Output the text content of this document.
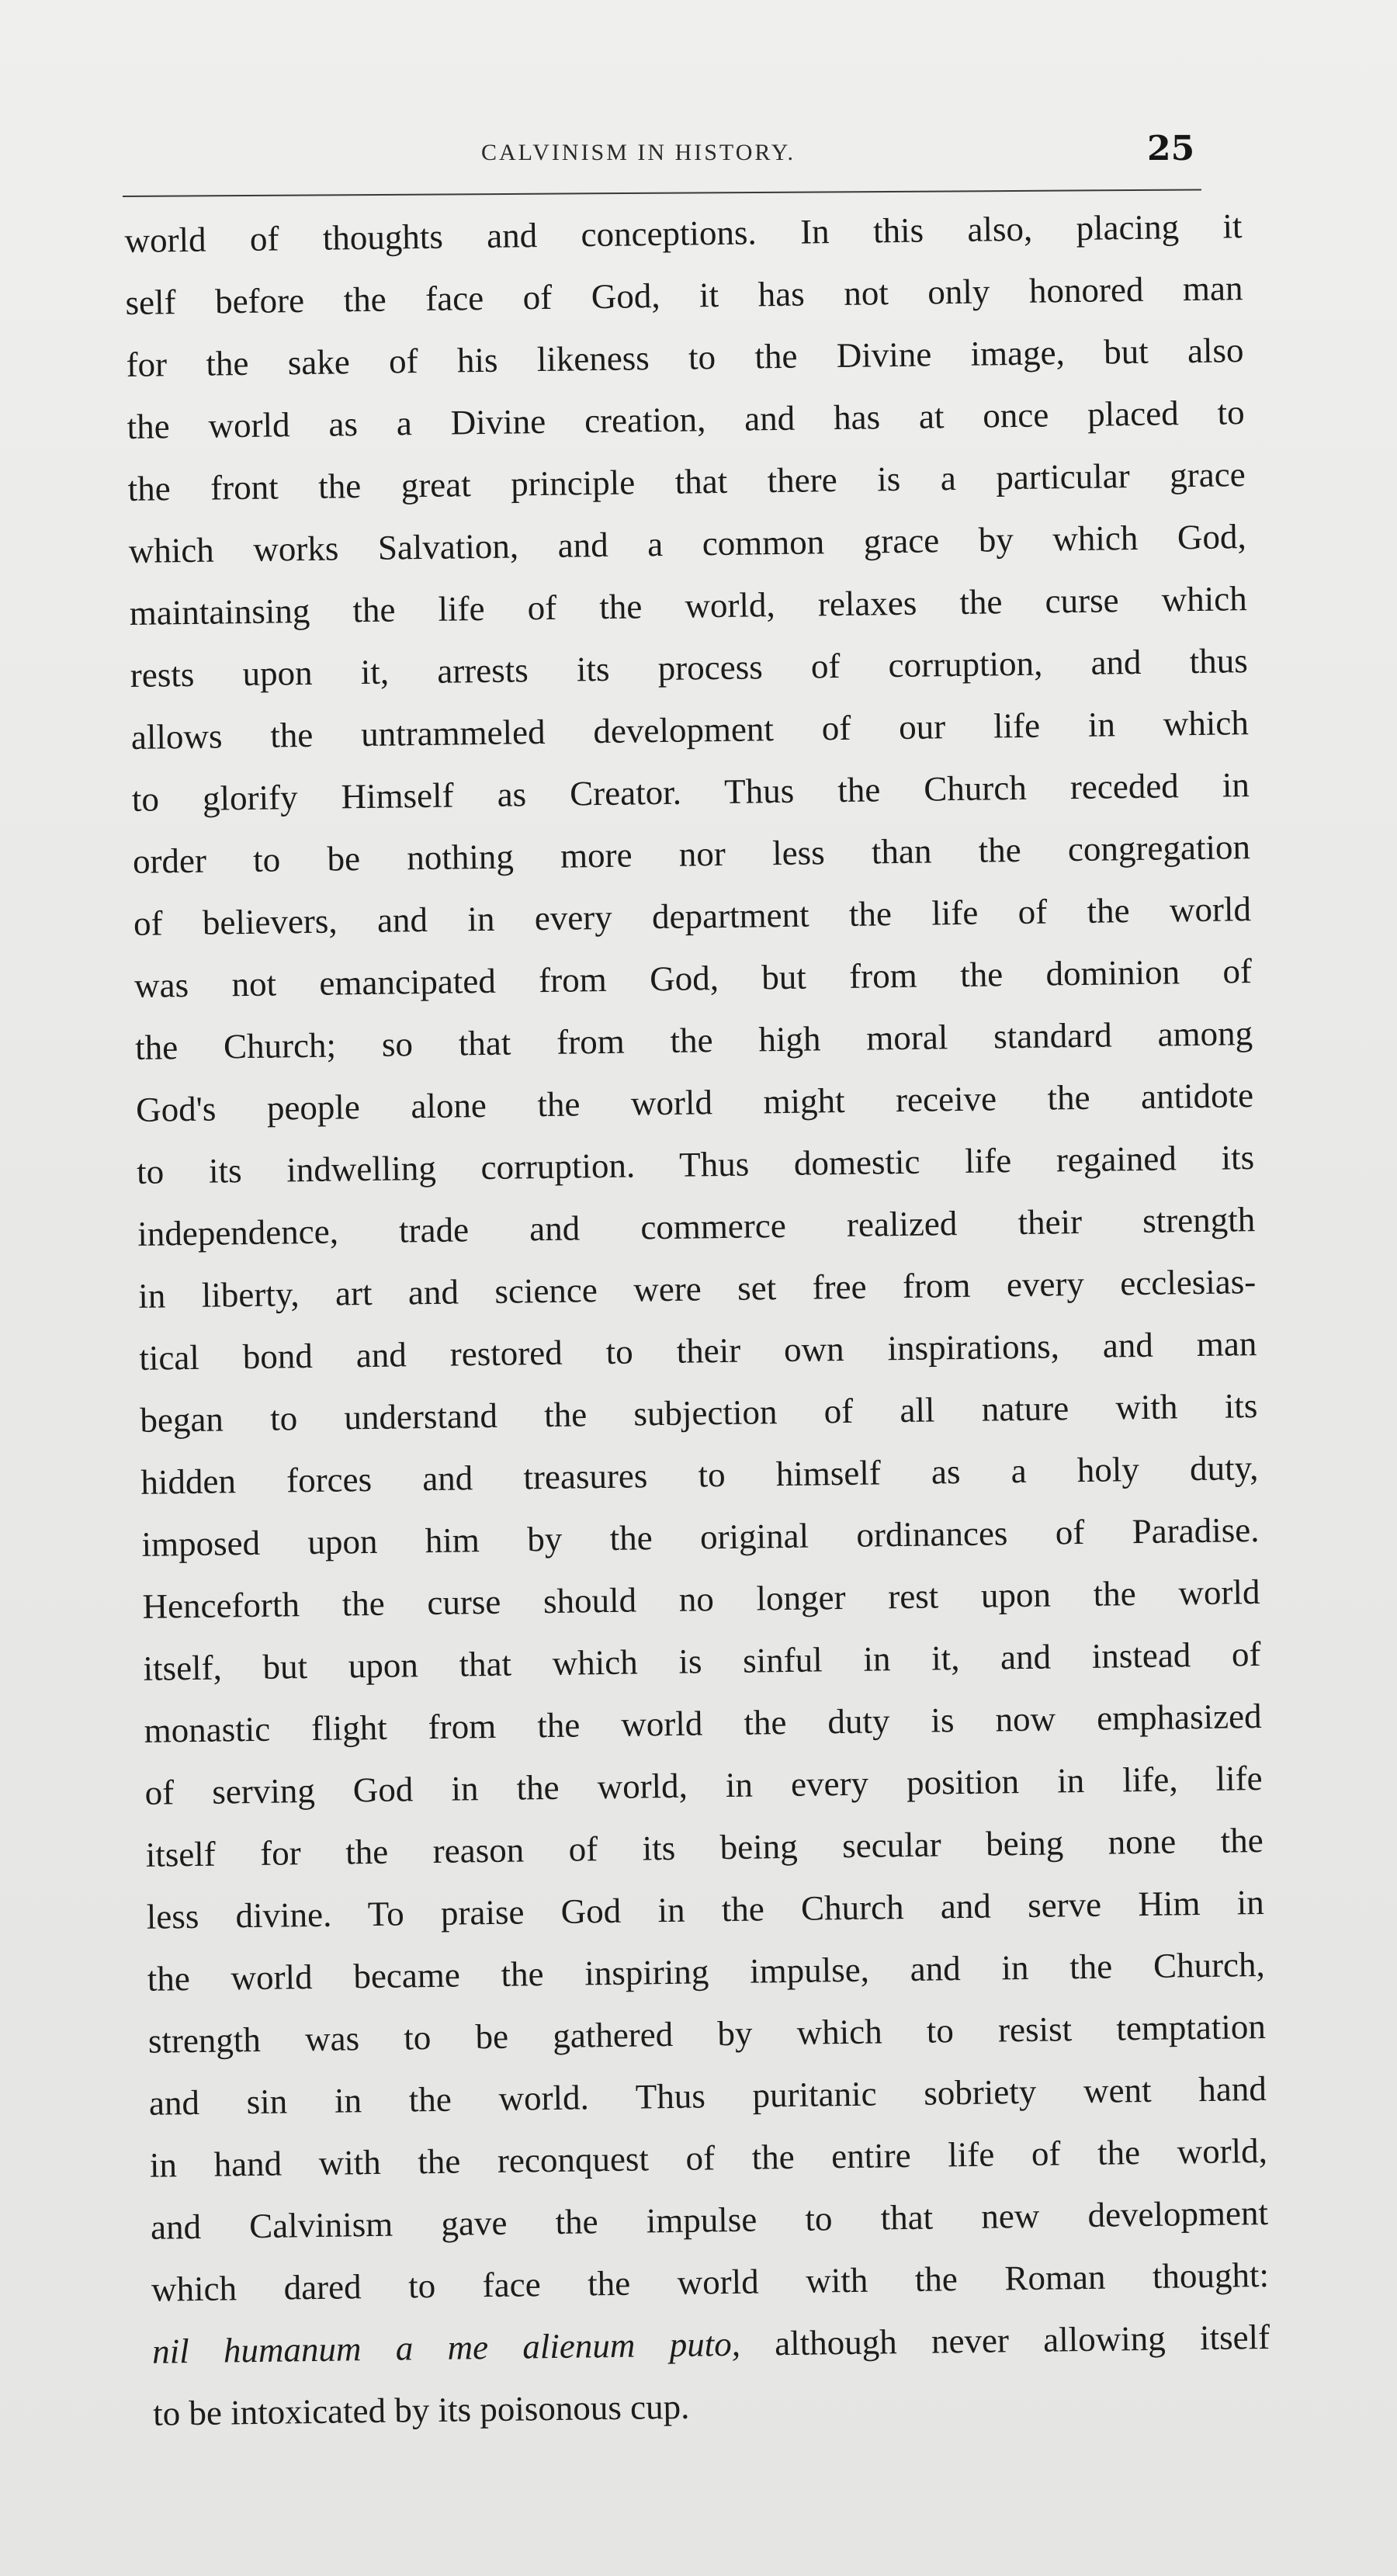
CALVINISM IN HISTORY.	25
world of thoughts and conceptions. In this also, placing it
self before the face of God, it has not only honored man
for the sake of his likeness to the Divine image, but also
the world as a Divine creation, and has at once placed to
the front the great principle that there is a particular grace
which works Salvation, and a common grace by which God,
maintainsing the life of the world, relaxes the curse which
rests upon it, arrests its process of corruption, and thus
allows the untrammeled development of our life in which
to glorify Himself as Creator. Thus the Church receded in
order to be nothing more nor less than the congregation
of believers, and in every department the life of the world
was not emancipated from God, but from the dominion of
the Church; so that from the high moral standard among
God's people alone the world might receive the antidote
to its indwelling corruption. Thus domestic life regained its
independence, trade and commerce realized their strength
in liberty, art and science were set free from every ecclesias-
tical bond and restored to their own inspirations, and man
began to understand the subjection of all nature with its
hidden forces and treasures to himself as a holy duty,
imposed upon him by the original ordinances of Paradise.
Henceforth the curse should no longer rest upon the world
itself, but upon that which is sinful in it, and instead of
monastic flight from the world the duty is now emphasized
of serving God in the world, in every position in life, life
itself for the reason of its being secular being none the
less divine. To praise God in the Church and serve Him in
the world became the inspiring impulse, and in the Church,
strength was to be gathered by which to resist temptation
and sin in the world. Thus puritanic sobriety went hand
in hand with the reconquest of the entire life of the world,
and Calvinism gave the impulse to that new development
which dared to face the world with the Roman thought:
nil humanum a me alienum puto, although never allowing itself
to be intoxicated by its poisonous cup.
